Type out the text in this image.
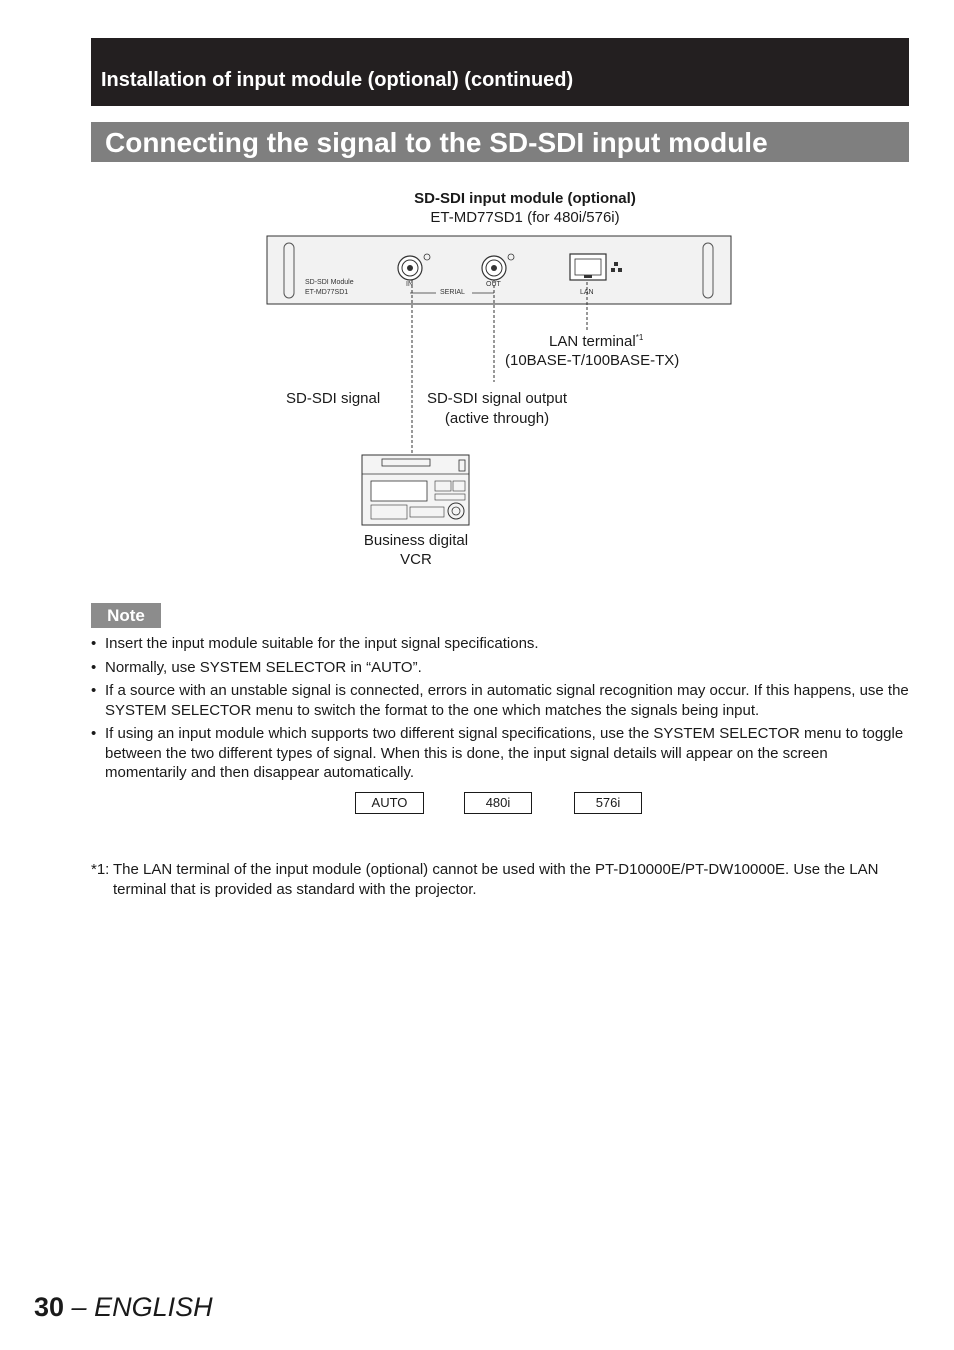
Installation of input module (optional) (continued)
Connecting the signal to the SD-SDI input module
SD-SDI input module (optional)
ET-MD77SD1 (for 480i/576i)
SD-SDI Module
ET-MD77SD1
IN	OUT
SERIAL	LAN
LAN terminal$^{*1}$
(10BASE-T/100BASE-TX)
SD-SDI signal	SD-SDI signal output
(active through)
Business digital
VCR
Note
• Insert the input module suitable for the input signal specifications.
• Normally, use SYSTEM SELECTOR in “AUTO”.
• If a source with an unstable signal is connected, errors in automatic signal recognition may occur. If this happens, use the SYSTEM SELECTOR menu to switch the format to the one which matches the signals being input.
• If using an input module which supports two different signal specifications, use the SYSTEM SELECTOR menu to toggle between the two different types of signal. When this is done, the input signal details will appear on the screen momentarily and then disappear automatically.
AUTO	480i	576i
*1: The LAN terminal of the input module (optional) cannot be used with the PT-D10000E/PT-DW10000E. Use the LAN terminal that is provided as standard with the projector.
30 – ENGLISH
